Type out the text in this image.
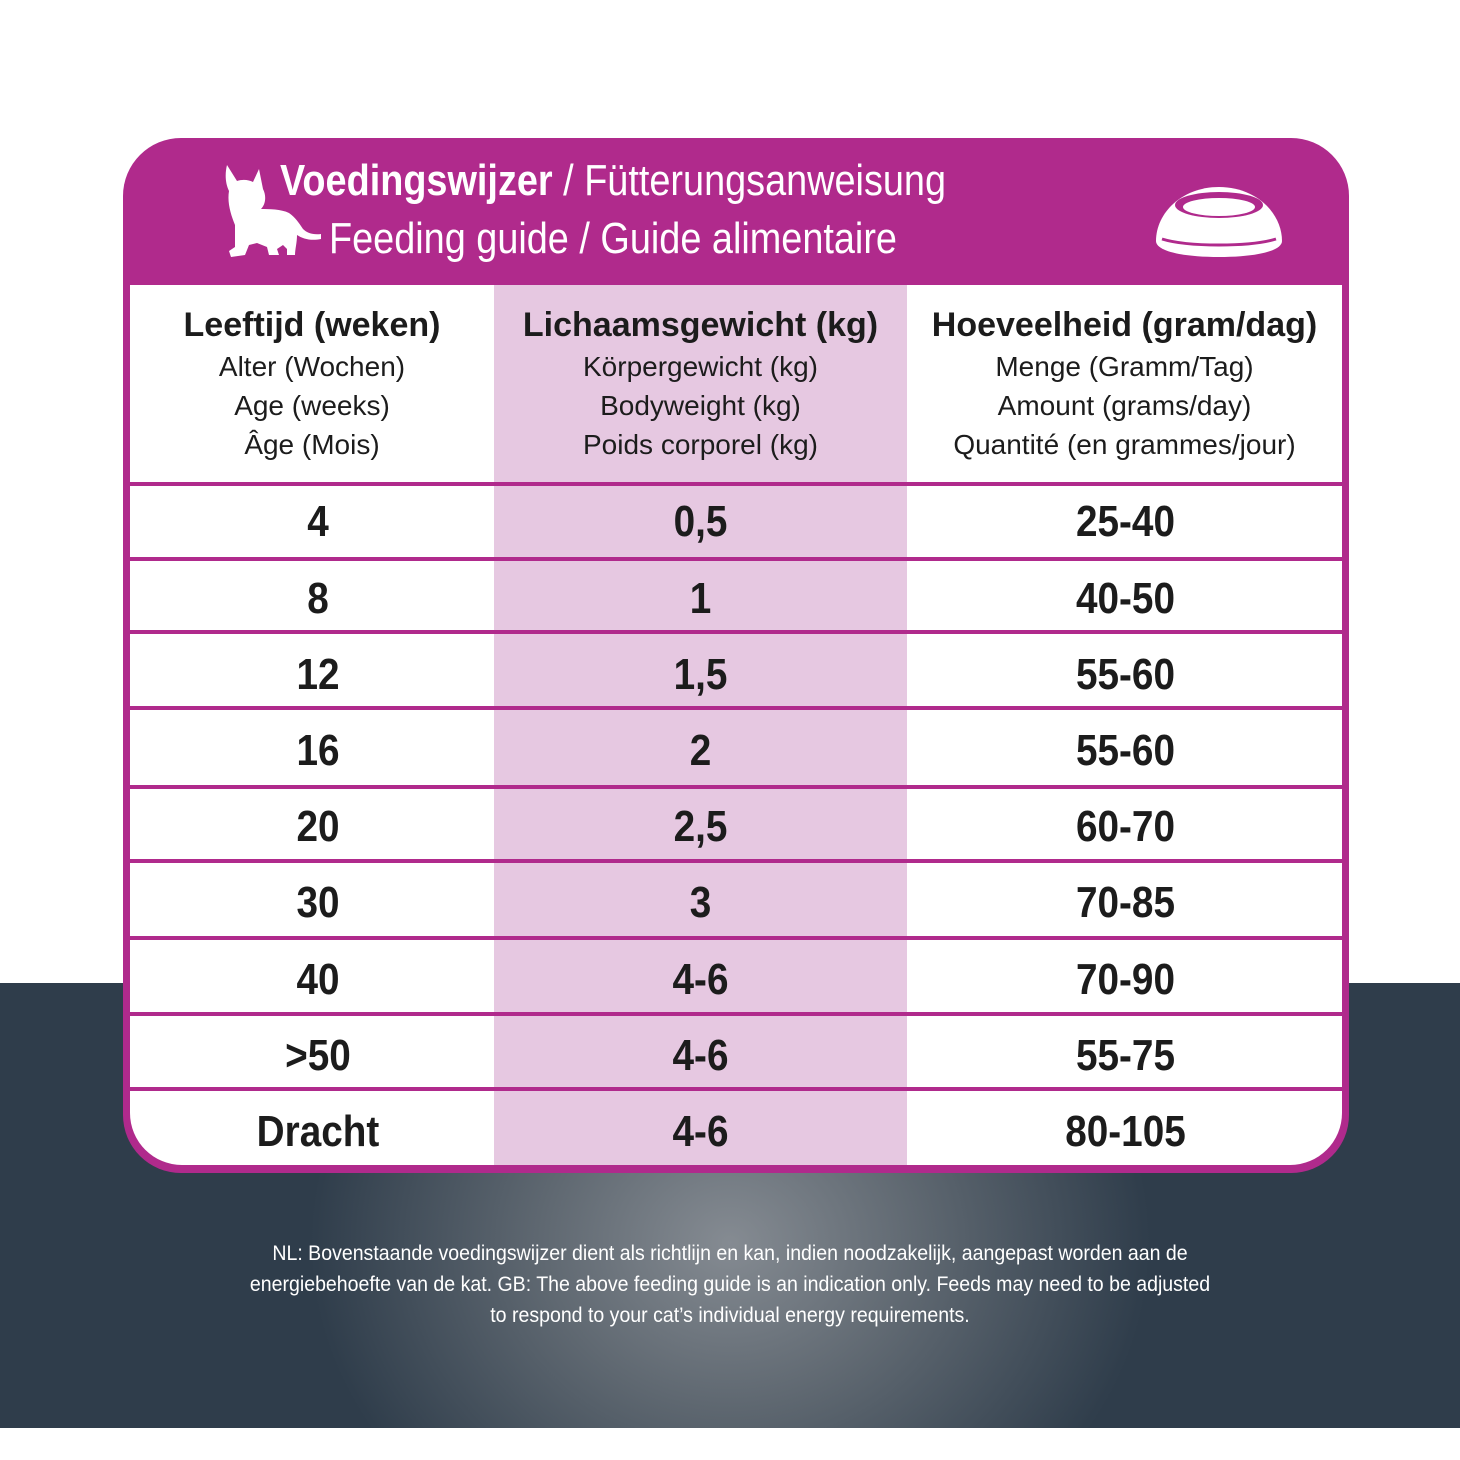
NL: Bovenstaande voedingswijzer dient als richtlijn en kan, indien noodzakelijk, aangepast worden aan de
energiebehoefte van de kat. GB: The above feeding guide is an indication only. Feeds may need to be adjusted
to respond to your cat’s individual energy requirements.
Voedingswijzer / Fütterungsanweisung
Feeding guide / Guide alimentaire
Leeftijd (weken)
Alter (Wochen)
Age (weeks)
Âge (Mois)
Lichaamsgewicht (kg)
Körpergewicht (kg)
Bodyweight (kg)
Poids corporel (kg)
Hoeveelheid (gram/dag)
Menge (Gramm/Tag)
Amount (grams/day)
Quantité (en grammes/jour)
4	0,5	25-40
8	1	40-50
12	1,5	55-60
16	2	55-60
20	2,5	60-70
30	3	70-85
40	4-6	70-90
>50	4-6	55-75
Dracht	4-6	80-105
